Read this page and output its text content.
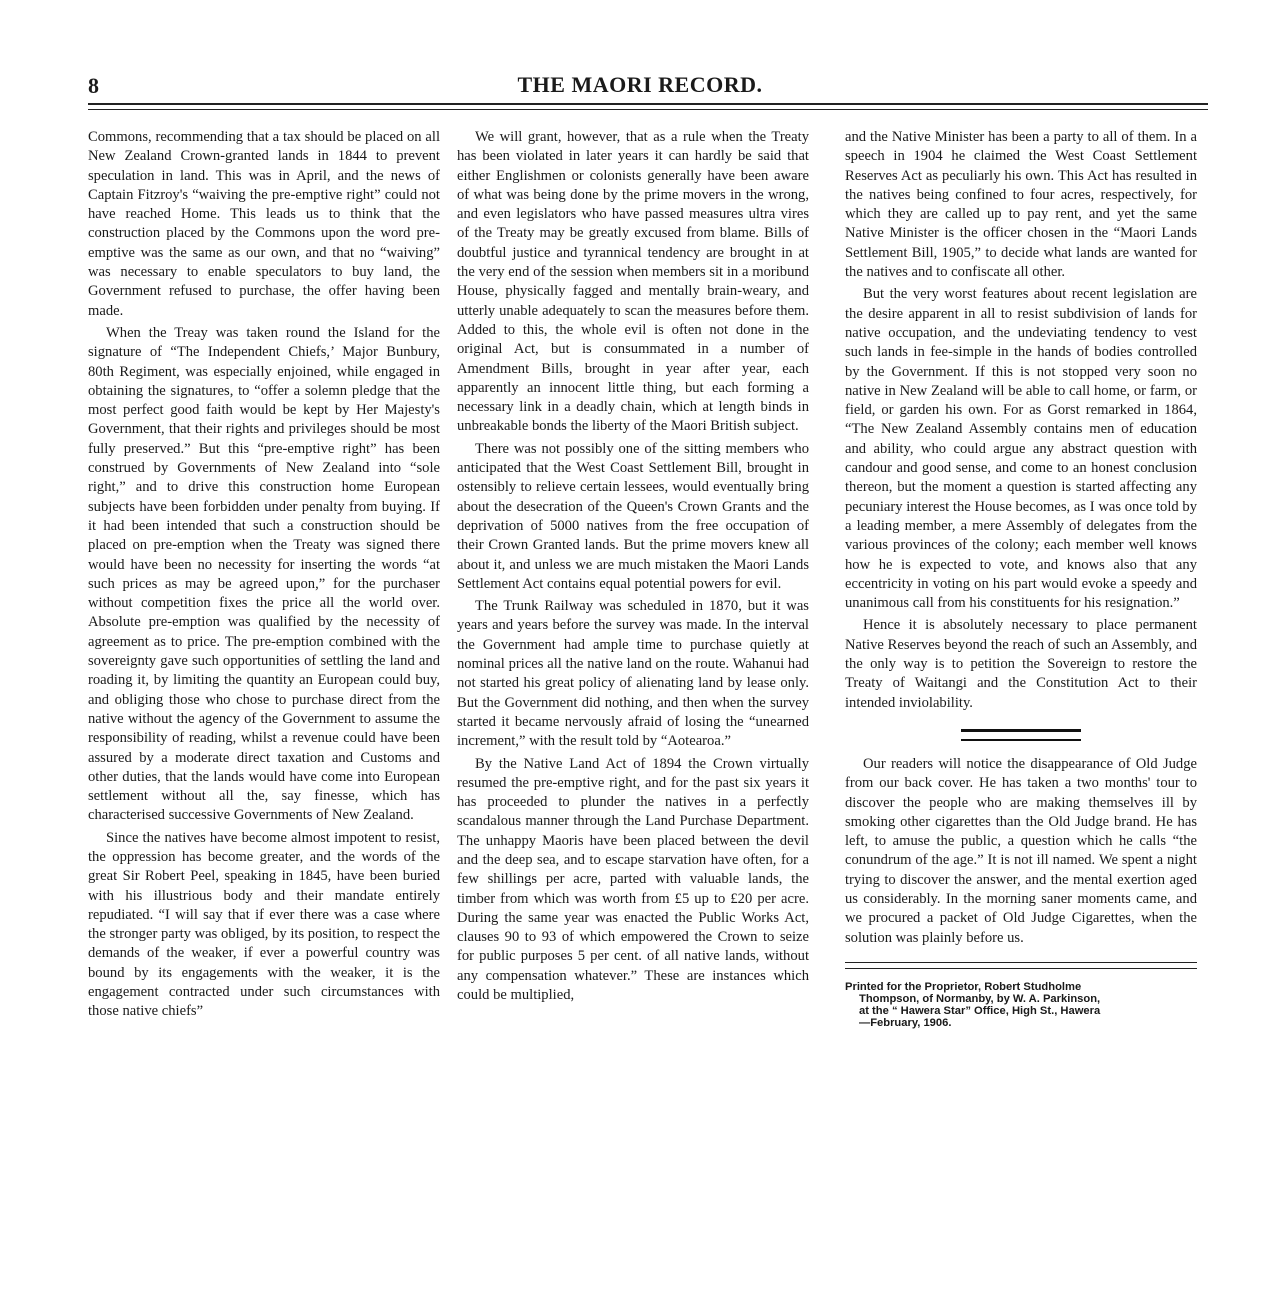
8	THE MAORI RECORD.

Commons, recommending that a tax should be placed on all New Zealand Crown-granted lands in 1844 to prevent speculation in land. This was in April, and the news of Captain Fitzroy's “waiving the pre-emptive right” could not have reached Home. This leads us to think that the construction placed by the Commons upon the word pre-emptive was the same as our own, and that no “waiving” was necessary to enable speculators to buy land, the Government refused to purchase, the offer having been made.

When the Treay was taken round the Island for the signature of “The Independent Chiefs,’ Major Bunbury, 80th Regiment, was especially enjoined, while engaged in obtaining the signatures, to “offer a solemn pledge that the most perfect good faith would be kept by Her Majesty's Government, that their rights and privileges should be most fully preserved.” But this “pre-emptive right” has been construed by Governments of New Zealand into “sole right,” and to drive this construction home European subjects have been forbidden under penalty from buying. If it had been intended that such a construction should be placed on pre-emption when the Treaty was signed there would have been no necessity for inserting the words “at such prices as may be agreed upon,” for the purchaser without competition fixes the price all the world over. Absolute pre-emption was qualified by the necessity of agreement as to price. The pre-emption combined with the sovereignty gave such opportunities of settling the land and roading it, by limiting the quantity an European could buy, and obliging those who chose to purchase direct from the native without the agency of the Government to assume the responsibility of reading, whilst a revenue could have been assured by a moderate direct taxation and Customs and other duties, that the lands would have come into European settlement without all the, say finesse, which has characterised successive Governments of New Zealand.

Since the natives have become almost impotent to resist, the oppression has become greater, and the words of the great Sir Robert Peel, speaking in 1845, have been buried with his illustrious body and their mandate entirely repudiated. “I will say that if ever there was a case where the stronger party was obliged, by its position, to respect the demands of the weaker, if ever a powerful country was bound by its engagements with the weaker, it is the engagement contracted under such circumstances with those native chiefs”

We will grant, however, that as a rule when the Treaty has been violated in later years it can hardly be said that either Englishmen or colonists generally have been aware of what was being done by the prime movers in the wrong, and even legislators who have passed measures ultra vires of the Treaty may be greatly excused from blame. Bills of doubtful justice and tyrannical tendency are brought in at the very end of the session when members sit in a moribund House, physically fagged and mentally brain-weary, and utterly unable adequately to scan the measures before them. Added to this, the whole evil is often not done in the original Act, but is consummated in a number of Amendment Bills, brought in year after year, each apparently an innocent little thing, but each forming a necessary link in a deadly chain, which at length binds in unbreakable bonds the liberty of the Maori British subject.

There was not possibly one of the sitting members who anticipated that the West Coast Settlement Bill, brought in ostensibly to relieve certain lessees, would eventually bring about the desecration of the Queen's Crown Grants and the deprivation of 5000 natives from the free occupation of their Crown Granted lands. But the prime movers knew all about it, and unless we are much mistaken the Maori Lands Settlement Act contains equal potential powers for evil.

The Trunk Railway was scheduled in 1870, but it was years and years before the survey was made. In the interval the Government had ample time to purchase quietly at nominal prices all the native land on the route. Wahanui had not started his great policy of alienating land by lease only. But the Government did nothing, and then when the survey started it became nervously afraid of losing the “unearned increment,” with the result told by “Aotearoa.”

By the Native Land Act of 1894 the Crown virtually resumed the pre-emptive right, and for the past six years it has proceeded to plunder the natives in a perfectly scandalous manner through the Land Purchase Department. The unhappy Maoris have been placed between the devil and the deep sea, and to escape starvation have often, for a few shillings per acre, parted with valuable lands, the timber from which was worth from £5 up to £20 per acre. During the same year was enacted the Public Works Act, clauses 90 to 93 of which empowered the Crown to seize for public purposes 5 per cent. of all native lands, without any compensation whatever.” These are instances which could be multiplied,

and the Native Minister has been a party to all of them. In a speech in 1904 he claimed the West Coast Settlement Reserves Act as peculiarly his own. This Act has resulted in the natives being confined to four acres, respectively, for which they are called up to pay rent, and yet the same Native Minister is the officer chosen in the “Maori Lands Settlement Bill, 1905,” to decide what lands are wanted for the natives and to confiscate all other.

But the very worst features about recent legislation are the desire apparent in all to resist subdivision of lands for native occupation, and the undeviating tendency to vest such lands in fee-simple in the hands of bodies controlled by the Government. If this is not stopped very soon no native in New Zealand will be able to call home, or farm, or field, or garden his own. For as Gorst remarked in 1864, “The New Zealand Assembly contains men of education and ability, who could argue any abstract question with candour and good sense, and come to an honest conclusion thereon, but the moment a question is started affecting any pecuniary interest the House becomes, as I was once told by a leading member, a mere Assembly of delegates from the various provinces of the colony; each member well knows how he is expected to vote, and knows also that any eccentricity in voting on his part would evoke a speedy and unanimous call from his constituents for his resignation.”

Hence it is absolutely necessary to place permanent Native Reserves beyond the reach of such an Assembly, and the only way is to petition the Sovereign to restore the Treaty of Waitangi and the Constitution Act to their intended inviolability.

Our readers will notice the disappearance of Old Judge from our back cover. He has taken a two months' tour to discover the people who are making themselves ill by smoking other cigarettes than the Old Judge brand. He has left, to amuse the public, a question which he calls “the conundrum of the age.” It is not ill named. We spent a night trying to discover the answer, and the mental exertion aged us considerably. In the morning saner moments came, and we procured a packet of Old Judge Cigarettes, when the solution was plainly before us.

Printed for the Proprietor, Robert Studholme

Thompson, of Normanby, by W. A. Parkinson,
at the “ Hawera Star” Office, High St., Hawera
—February, 1906.
